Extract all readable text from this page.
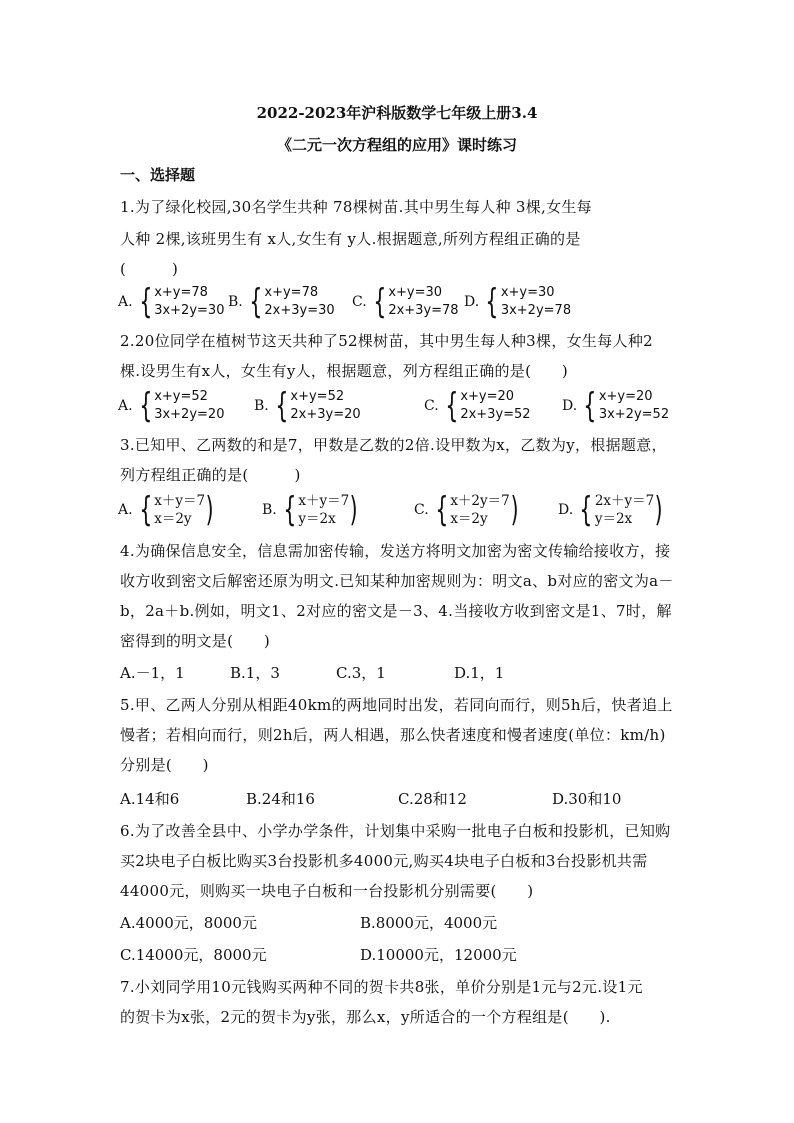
2022-2023年沪科版数学七年级上册3.4
《二元一次方程组的应用》课时练习
一、选择题
1.为了绿化校园,30名学生共种 78棵树苗.其中男生每人种 3棵,女生每
人种 2棵,该班男生有 x人,女生有 y人.根据题意,所列方程组正确的是
(　　　)
A. { x+y=78
3x+2y=30
B. { x+y=78
2x+3y=30
C. { x+y=30
2x+3y=78
D. { x+y=30
3x+2y=78
2.20位同学在植树节这天共种了52棵树苗，其中男生每人种3棵，女生每人种2
棵.设男生有x人，女生有y人，根据题意，列方程组正确的是(　　)
A. { x+y=52
3x+2y=20
B. { x+y=52
2x+3y=20
C. { x+y=20
2x+3y=52
D. { x+y=20
3x+2y=52
3.已知甲、乙两数的和是7，甲数是乙数的2倍.设甲数为x，乙数为y，根据题意，
列方程组正确的是(　　　)
A. { x＋y＝7
x＝2y )	B. { x＋y＝7
y＝2x )	C. { x＋2y＝7
x＝2y )	D. { 2x＋y＝7
y＝2x )
4.为确保信息安全，信息需加密传输，发送方将明文加密为密文传输给接收方，接
收方收到密文后解密还原为明文.已知某种加密规则为：明文a、b对应的密文为a－
b，2a＋b.例如，明文1、2对应的密文是－3、4.当接收方收到密文是1、7时，解
密得到的明文是(　　)
A.－1，1	B.1，3	C.3，1	D.1，1
5.甲、乙两人分别从相距40km的两地同时出发，若同向而行，则5h后，快者追上
慢者；若相向而行，则2h后，两人相遇，那么快者速度和慢者速度(单位：km/h)
分别是(　　)
A.14和6	B.24和16	C.28和12	D.30和10
6.为了改善全县中、小学办学条件，计划集中采购一批电子白板和投影机，已知购
买2块电子白板比购买3台投影机多4000元,购买4块电子白板和3台投影机共需
44000元，则购买一块电子白板和一台投影机分别需要(　　)
A.4000元，8000元	B.8000元，4000元
C.14000元，8000元	D.10000元，12000元
7.小刘同学用10元钱购买两种不同的贺卡共8张，单价分别是1元与2元.设1元
的贺卡为x张，2元的贺卡为y张，那么x，y所适合的一个方程组是(　　).
